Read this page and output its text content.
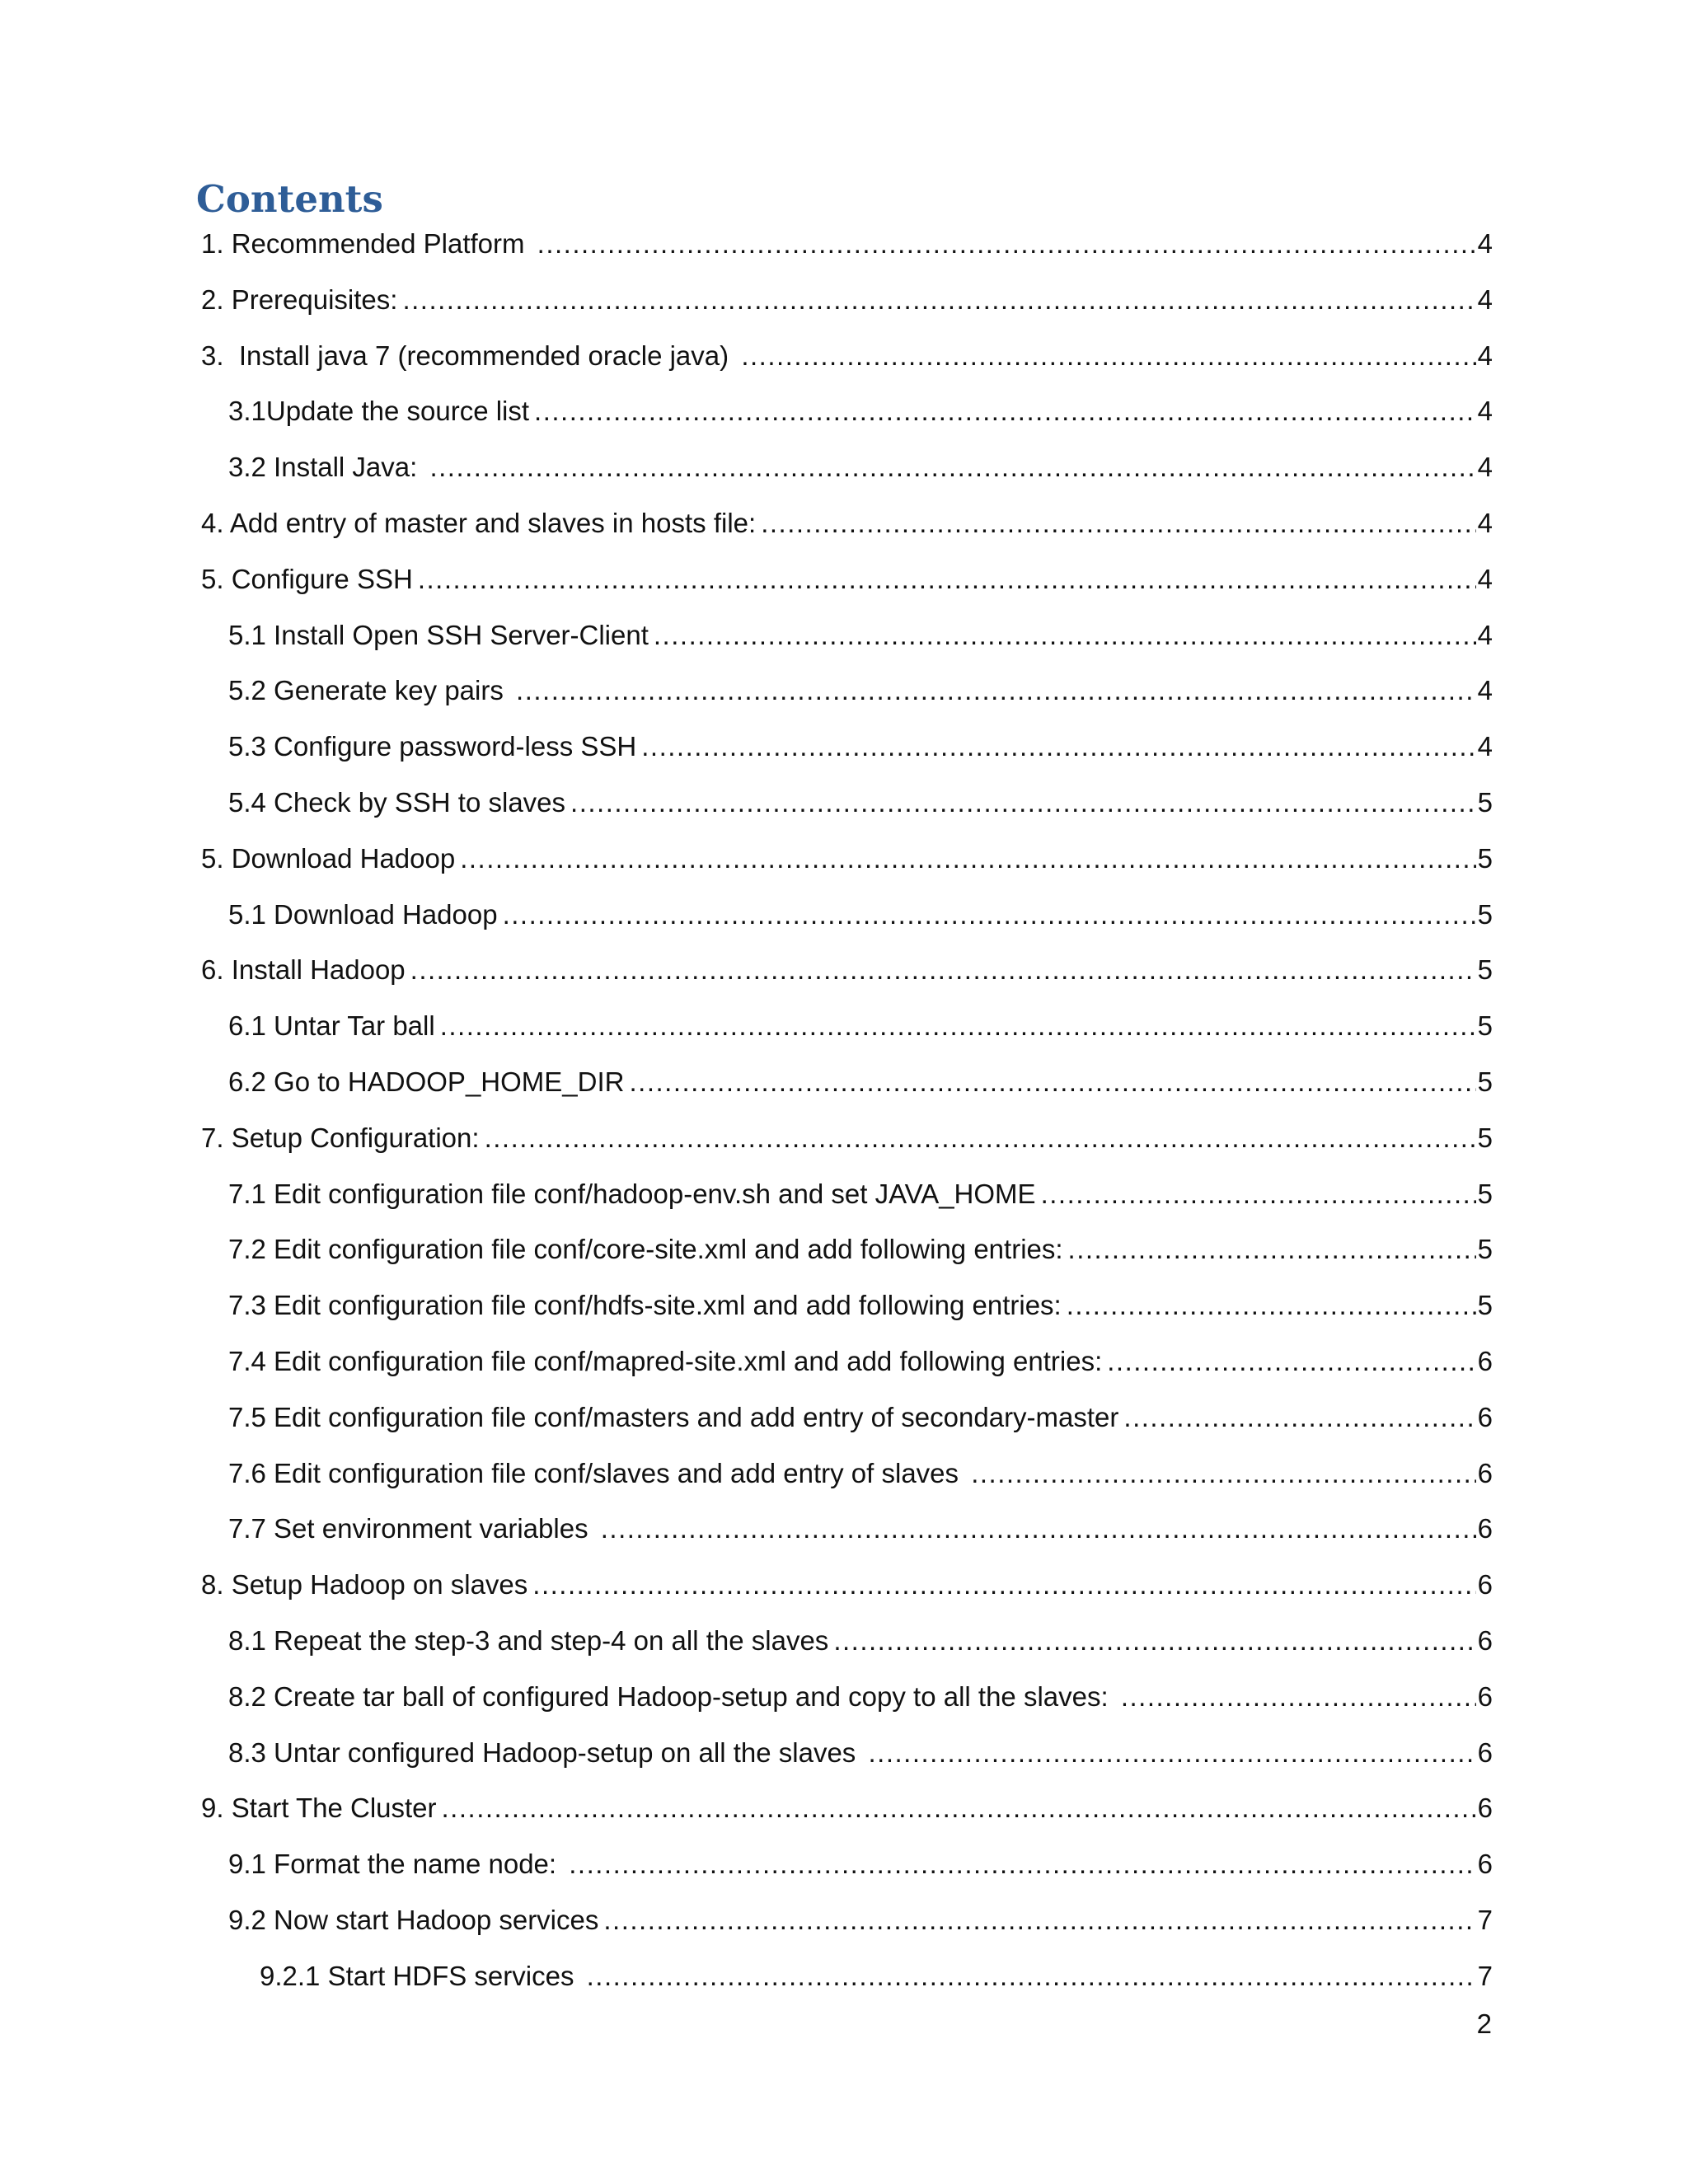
Contents
1. Recommended Platform .....	4
2. Prerequisites: .....	4
3.  Install java 7 (recommended oracle java) .....	4
3.1Update the source list .....	4
3.2 Install Java: .....	4
4. Add entry of master and slaves in hosts file: .....	4
5. Configure SSH .....	4
5.1 Install Open SSH Server-Client .....	4
5.2 Generate key pairs .....	4
5.3 Configure password-less SSH .....	4
5.4 Check by SSH to slaves .....	5
5. Download Hadoop .....	5
5.1 Download Hadoop .....	5
6. Install Hadoop .....	5
6.1 Untar Tar ball .....	5
6.2 Go to HADOOP_HOME_DIR .....	5
7. Setup Configuration: .....	5
7.1 Edit configuration file conf/hadoop-env.sh and set JAVA_HOME .....	5
7.2 Edit configuration file conf/core-site.xml and add following entries: .....	5
7.3 Edit configuration file conf/hdfs-site.xml and add following entries: .....	5
7.4 Edit configuration file conf/mapred-site.xml and add following entries: .....	6
7.5 Edit configuration file conf/masters and add entry of secondary-master .....	6
7.6 Edit configuration file conf/slaves and add entry of slaves .....	6
7.7 Set environment variables .....	6
8. Setup Hadoop on slaves .....	6
8.1 Repeat the step-3 and step-4 on all the slaves .....	6
8.2 Create tar ball of configured Hadoop-setup and copy to all the slaves: .....	6
8.3 Untar configured Hadoop-setup on all the slaves .....	6
9. Start The Cluster .....	6
9.1 Format the name node: .....	6
9.2 Now start Hadoop services .....	7
9.2.1 Start HDFS services .....	7
2
